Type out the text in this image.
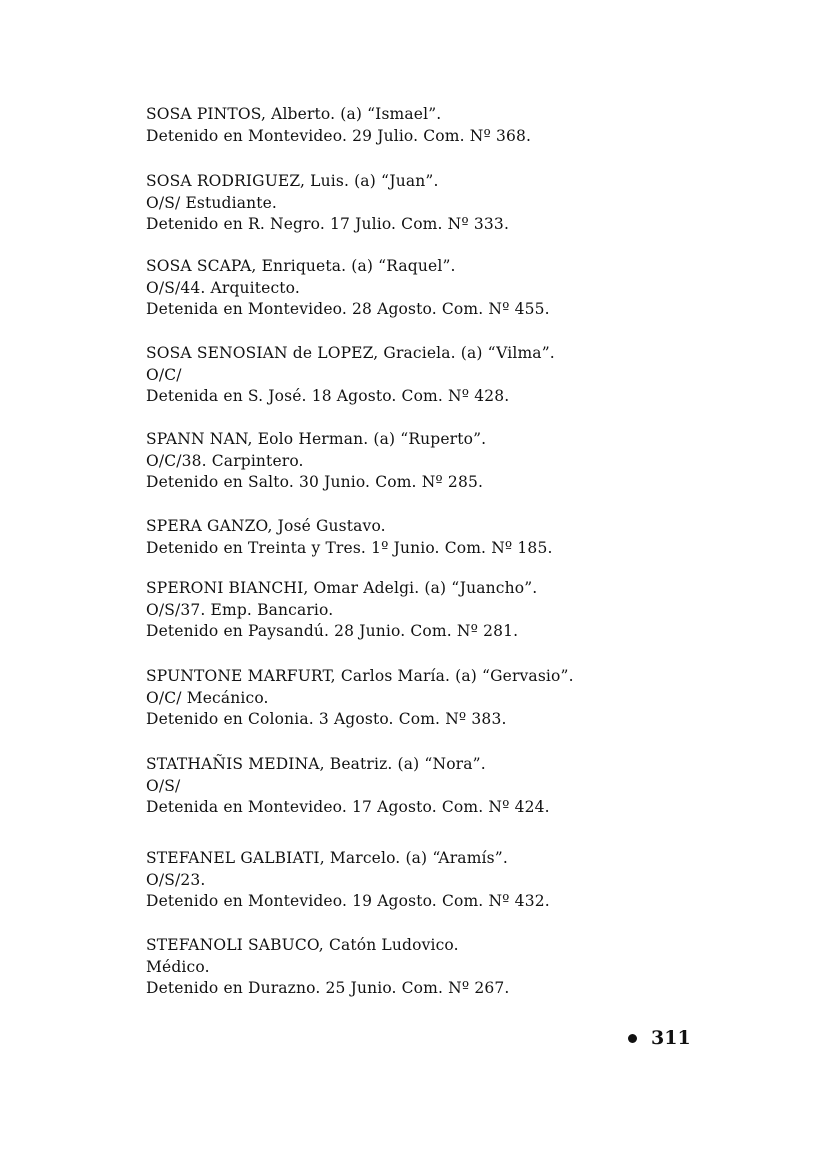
SOSA PINTOS, Alberto. (a) “Ismael”.
Detenido en Montevideo. 29 Julio. Com. Nº 368.
SOSA RODRIGUEZ, Luis. (a) “Juan”.
O/S/ Estudiante.
Detenido en R. Negro. 17 Julio. Com. Nº 333.
SOSA SCAPA, Enriqueta. (a) “Raquel”.
O/S/44. Arquitecto.
Detenida en Montevideo. 28 Agosto. Com. Nº 455.
SOSA SENOSIAN de LOPEZ, Graciela. (a) “Vilma”.
O/C/
Detenida en S. José. 18 Agosto. Com. Nº 428.
SPANN NAN, Eolo Herman. (a) “Ruperto”.
O/C/38. Carpintero.
Detenido en Salto. 30 Junio. Com. Nº 285.
SPERA GANZO, José Gustavo.
Detenido en Treinta y Tres. 1º Junio. Com. Nº 185.
SPERONI BIANCHI, Omar Adelgi. (a) “Juancho”.
O/S/37. Emp. Bancario.
Detenido en Paysandú. 28 Junio. Com. Nº 281.
SPUNTONE MARFURT, Carlos María. (a) “Gervasio”.
O/C/ Mecánico.
Detenido en Colonia. 3 Agosto. Com. Nº 383.
STATHAÑIS MEDINA, Beatriz. (a) “Nora”.
O/S/
Detenida en Montevideo. 17 Agosto. Com. Nº 424.
STEFANEL GALBIATI, Marcelo. (a) “Aramís”.
O/S/23.
Detenido en Montevideo. 19 Agosto. Com. Nº 432.
STEFANOLI SABUCO, Catón Ludovico.
Médico.
Detenido en Durazno. 25 Junio. Com. Nº 267.
311
